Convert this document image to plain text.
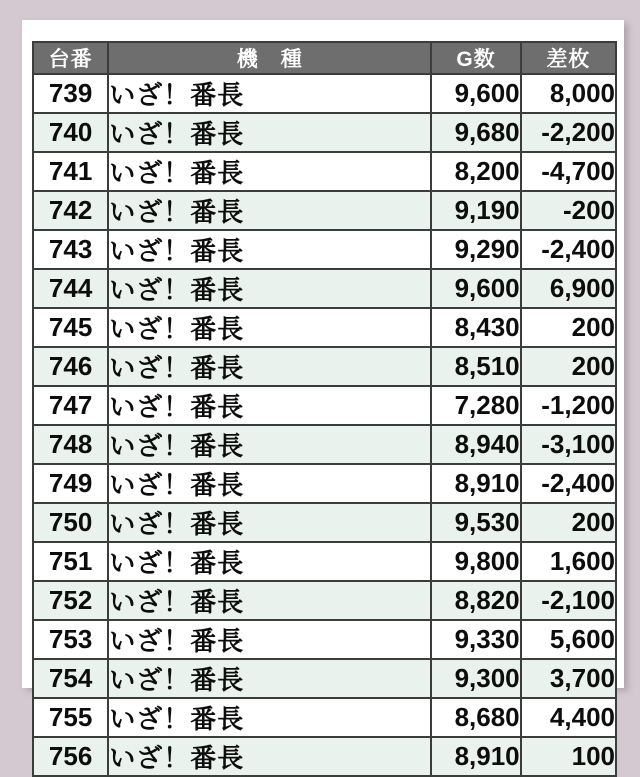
台番	機　種	G数	差枚
739	いざ！番長	9,600	8,000
740	いざ！番長	9,680	-2,200
741	いざ！番長	8,200	-4,700
742	いざ！番長	9,190	-200
743	いざ！番長	9,290	-2,400
744	いざ！番長	9,600	6,900
745	いざ！番長	8,430	200
746	いざ！番長	8,510	200
747	いざ！番長	7,280	-1,200
748	いざ！番長	8,940	-3,100
749	いざ！番長	8,910	-2,400
750	いざ！番長	9,530	200
751	いざ！番長	9,800	1,600
752	いざ！番長	8,820	-2,100
753	いざ！番長	9,330	5,600
754	いざ！番長	9,300	3,700
755	いざ！番長	8,680	4,400
756	いざ！番長	8,910	100
